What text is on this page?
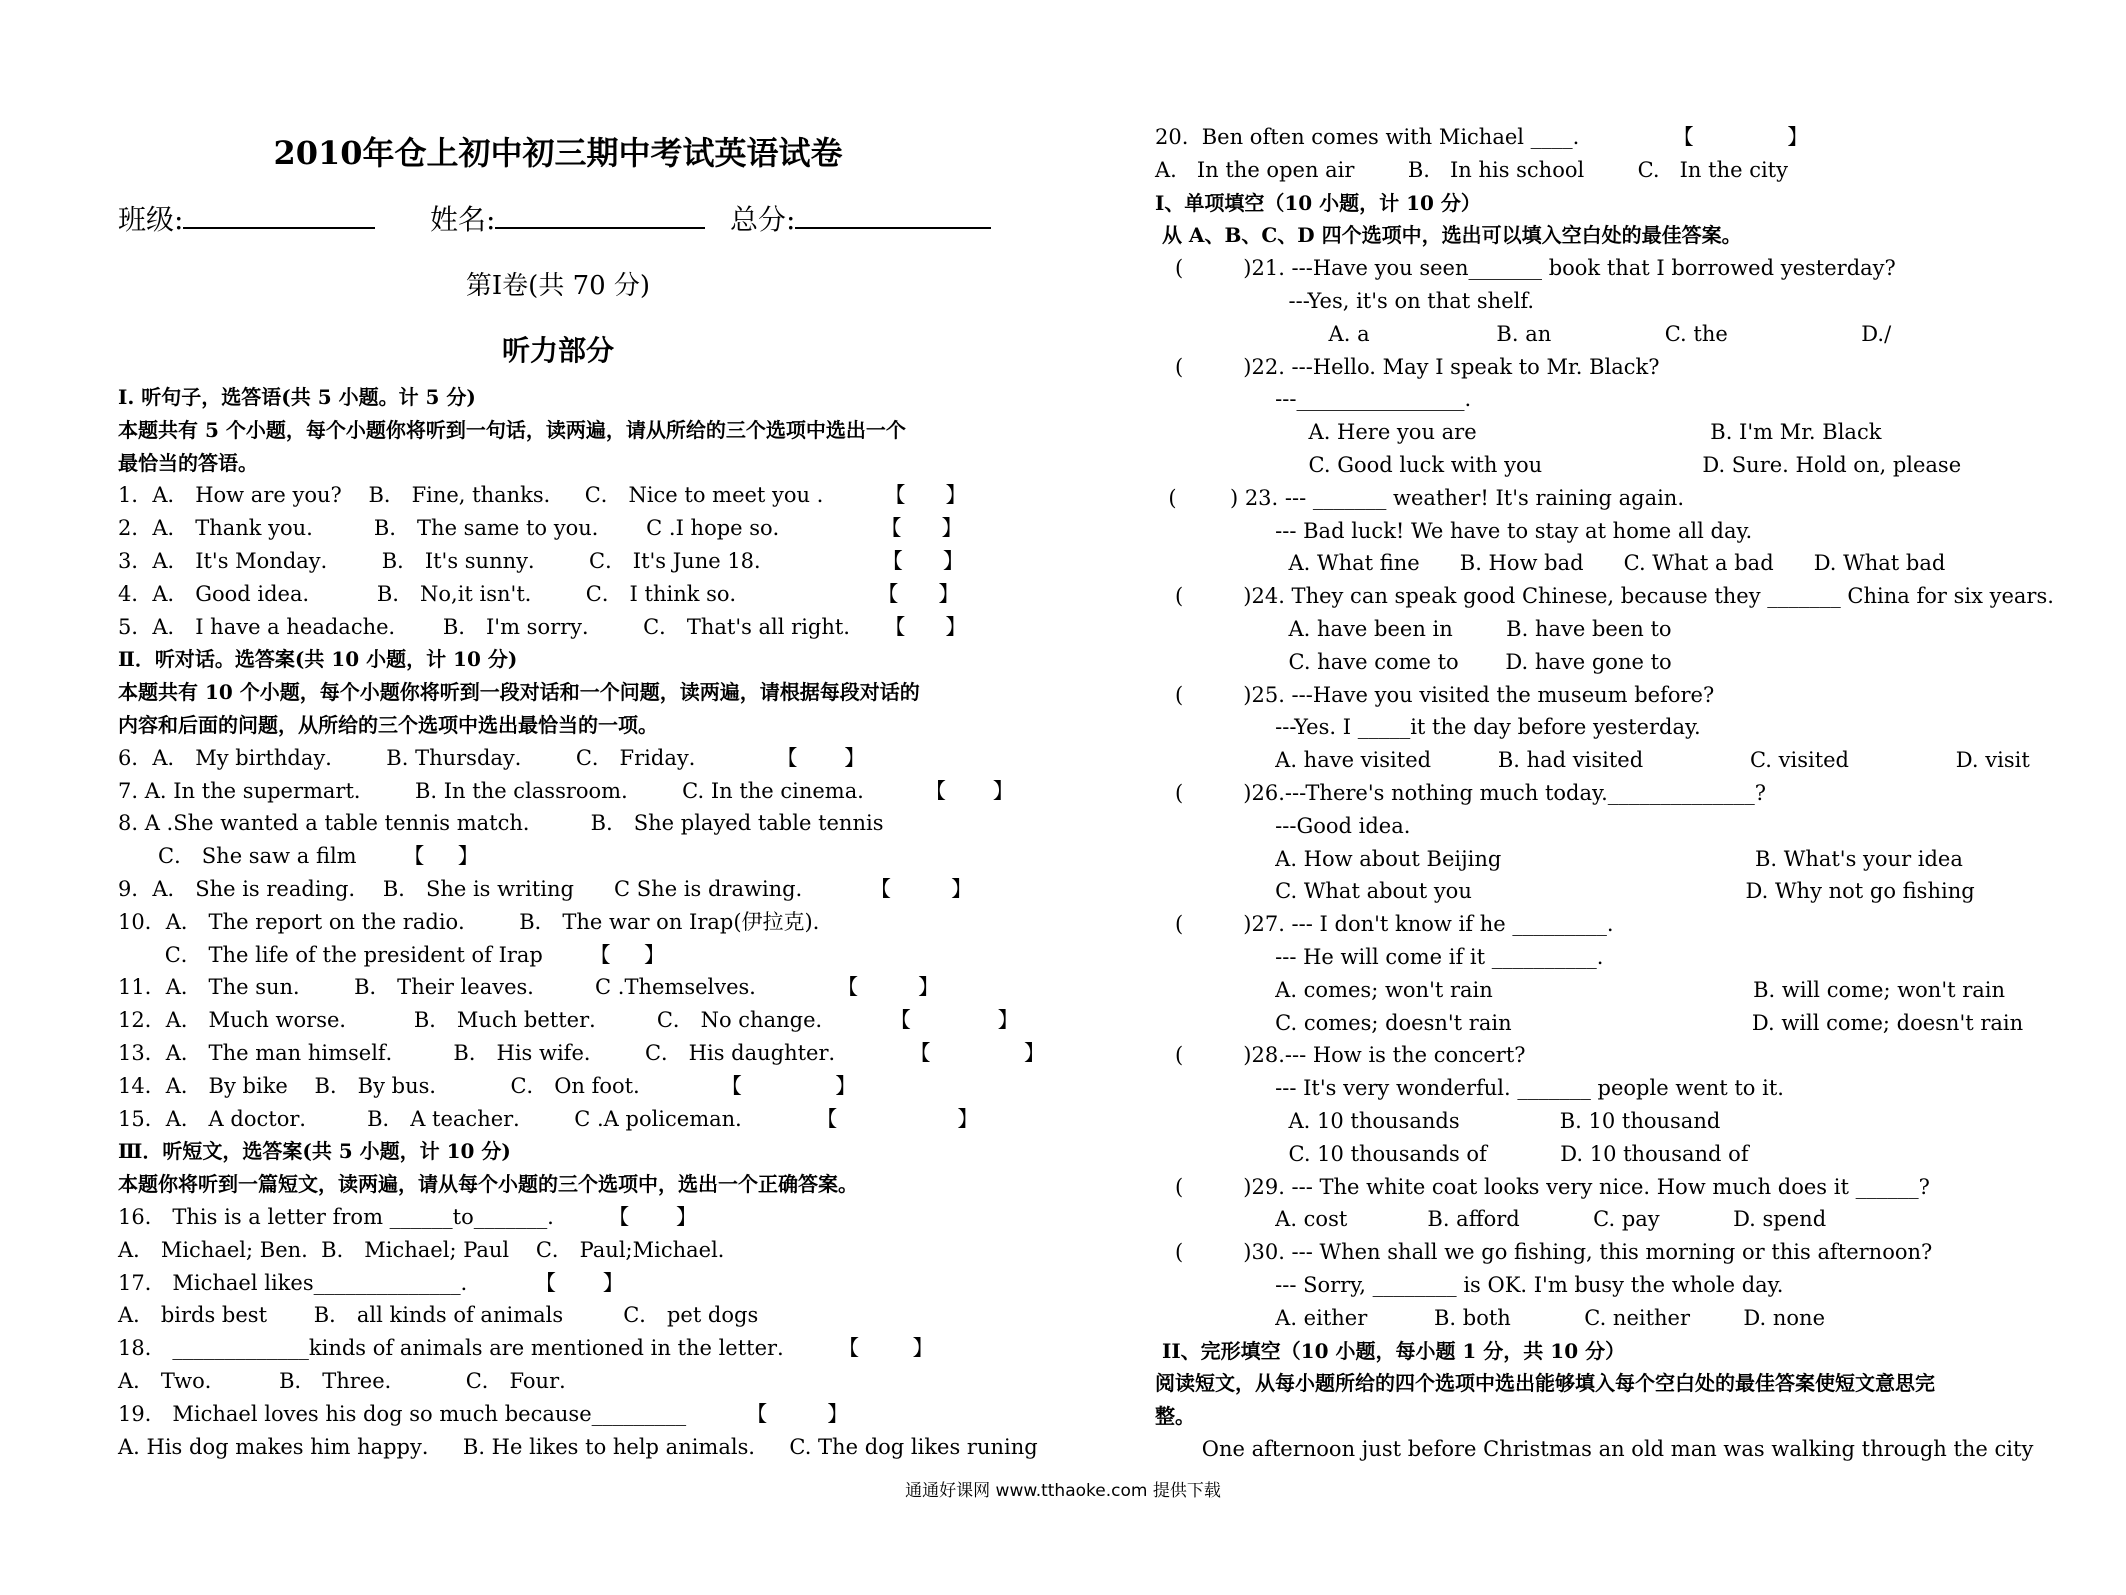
2010年仓上初中初三期中考试英语试卷
班级:	姓名:	总分:
第Ⅰ卷(共 70 分)
听力部分
I. 听句子，选答语(共 5 小题。计 5 分)
本题共有 5 个小题，每个小题你将听到一句话，读两遍，请从所给的三个选项中选出一个
最恰当的答语。
1．A． How are you?    B． Fine, thanks．   C． Nice to meet you ．       【      】
2．A． Thank you．       B． The same to you．     C .I hope so．             【      】
3．A． It's Monday．      B． It's sunny．      C． It's June 18．                【      】
4．A． Good idea．        B． No,it isn't．      C． I think so．                   【      】
5．A． I have a headache．     B． I'm sorry．      C． That's all right．   【      】
Ⅱ．听对话。选答案(共 10 小题，计 10 分)
本题共有 10 个小题，每个小题你将听到一段对话和一个问题，读两遍，请根据每段对话的
内容和后面的问题，从所给的三个选项中选出最恰当的一项。
6．A． My birthday．      B. Thursday．      C． Friday．          【       】
7. A. In the supermart．      B. In the classroom．      C. In the cinema．       【       】
8. A .She wanted a table tennis match．       B． She played table tennis
C． She saw a film       【     】
9．A． She is reading．  B． She is writing      C She is drawing．        【         】
10．A． The report on the radio．      B． The war on Irap(伊拉克)．
C． The life of the president of Irap       【     】
11．A． The sun．      B． Their leaves．       C .Themselves．          【         】
12．A． Much worse．        B． Much better．       C． No change．        【             】
13．A． The man himself．       B． His wife．      C． His daughter．         【              】
14．A． By bike    B． By bus．         C． On foot．          【              】
15．A． A doctor．       B． A teacher．      C .A policeman．         【                  】
Ⅲ．听短文，选答案(共 5 小题，计 10 分)
本题你将听到一篇短文，读两遍，请从每个小题的三个选项中，选出一个正确答案。
16． This is a letter from ______to_______．      【       】
A． Michael; Ben.  B． Michael; Paul    C． Paul;Michael．
17． Michael likes______________．        【       】
A． birds best       B． all kinds of animals         C． pet dogs
18． _____________kinds of animals are mentioned in the letter．      【        】
A． Two．        B． Three．         C． Four．
19． Michael loves his dog so much because_________         【         】
A. His dog makes him happy．   B. He likes to help animals．   C. The dog likes runing
20.  Ben often comes with Michael ____.              【              】
A.   In the open air        B.   In his school        C.   In the city
I、单项填空（10 小题，计 10 分）
从 A、B、C、D 四个选项中，选出可以填入空白处的最佳答案。
(         )21. ---Have you seen_______ book that I borrowed yesterday?
---Yes, it's on that shelf.
A. a                   B. an                 C. the                    D./
(         )22. ---Hello. May I speak to Mr. Black?
---________________.
A. Here you are                                   B. I'm Mr. Black
C. Good luck with you                        D. Sure. Hold on, please
(        ) 23. --- _______ weather! It's raining again.
--- Bad luck! We have to stay at home all day.
A. What fine      B. How bad      C. What a bad      D. What bad
(         )24. They can speak good Chinese, because they _______ China for six years.
A. have been in        B. have been to
C. have come to       D. have gone to
(         )25. ---Have you visited the museum before?
---Yes. I _____it the day before yesterday.
A. have visited          B. had visited                C. visited                D. visit
(         )26.---There's nothing much today.______________?
---Good idea.
A. How about Beijing                                      B. What's your idea
C. What about you                                         D. Why not go fishing
(         )27. --- I don't know if he _________.
--- He will come if it __________.
A. comes; won't rain                                       B. will come; won't rain
C. comes; doesn't rain                                    D. will come; doesn't rain
(         )28.--- How is the concert?
--- It's very wonderful. _______ people went to it.
A. 10 thousands               B. 10 thousand
C. 10 thousands of           D. 10 thousand of
(         )29. --- The white coat looks very nice. How much does it ______?
A. cost            B. afford           C. pay           D. spend
(         )30. --- When shall we go fishing, this morning or this afternoon?
--- Sorry, ________ is OK. I'm busy the whole day.
A. either          B. both           C. neither        D. none
II、完形填空（10 小题，每小题 1 分，共 10 分）
阅读短文，从每小题所给的四个选项中选出能够填入每个空白处的最佳答案使短文意思完
整。
One afternoon just before Christmas an old man was walking through the city
通通好课网 www.tthaoke.com 提供下载
